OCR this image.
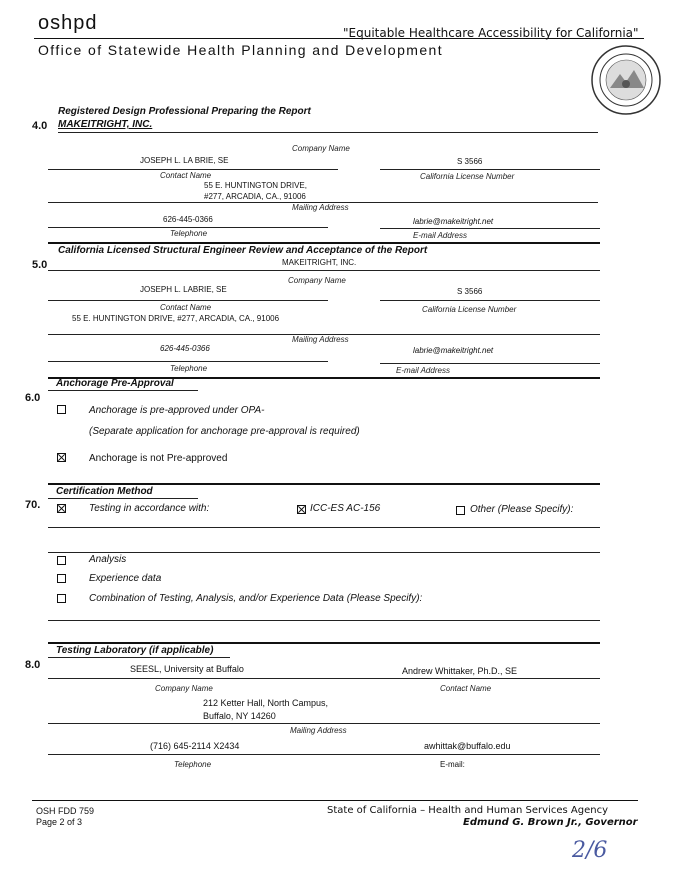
oshpd	"Equitable Healthcare Accessibility for California"
Office of Statewide Health Planning and Development
Registered Design Professional Preparing the Report
4.0 MAKEITRIGHT, INC.
Company Name
JOSEPH L. LA BRIE, SE	S 3566
Contact Name	California License Number
55 E. HUNTINGTON DRIVE,
#277, ARCADIA, CA., 91006
Mailing Address
626-445-0366	labrie@makeitright.net
Telephone	E-mail Address
California Licensed Structural Engineer Review and Acceptance of the Report
5.0	MAKEITRIGHT, INC.
Company Name
JOSEPH L. LABRIE, SE	S 3566
Contact Name	California License Number
55 E. HUNTINGTON DRIVE, #277, ARCADIA, CA., 91006
Mailing Address
626-445-0366	labrie@makeitright.net
Telephone	E-mail Address
Anchorage Pre-Approval
6.0
Anchorage is pre-approved under OPA-
(Separate application for anchorage pre-approval is required)
Anchorage is not Pre-approved
Certification Method
70.	Testing in accordance with:	ICC-ES AC-156	Other (Please Specify):
Analysis
Experience data
Combination of Testing, Analysis, and/or Experience Data (Please Specify):
Testing Laboratory (if applicable)
8.0	SEESL, University at Buffalo	Andrew Whittaker, Ph.D., SE
Company Name	Contact Name
212 Ketter Hall, North Campus,
Buffalo, NY 14260
Mailing Address
(716) 645-2114 X2434	awhittak@buffalo.edu
Telephone	E-mail:
OSH FDD 759
Page 2 of 3
State of California – Health and Human Services Agency
Edmund G. Brown Jr., Governor
2/6
